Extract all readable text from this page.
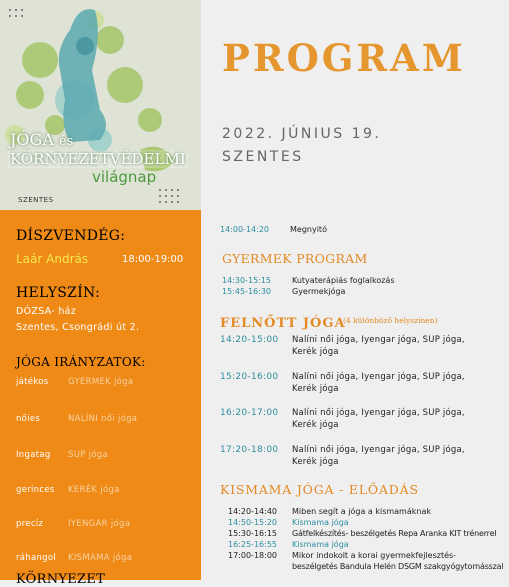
JÓGA és
KÖRNYEZETVÉDELMI
világnap
SZENTES
DÍSZVENDÉG:
Laár András	18:00-19:00
HELYSZÍN:
DÓZSA- ház
Szentes, Csongrádi út 2.
JÓGA IRÁNYZATOK:
játékos GYERMEK jóga
nőies	NALÍNI női jóga
Ingatag SUP jóga
gerinces KERÉK jóga
precíz	IYENGAR jóga
ráhangol KISMAMA jóga
KÖRNYEZET
PROGRAM
2022. JÚNIUS 19.
SZENTES
14:00-14:20	Megnyitó
GYERMEK PROGRAM
14:30-15:15	Kutyaterápiás foglalkozás
15:45-16:30	Gyermekjóga
FELNŐTT JÓGA
(4 különböző helyszínen)
14:20-15:00 Nalíni női jóga, Iyengar jóga, SUP jóga,
Kerék jóga
15:20-16:00 Nalíni női jóga, Iyengar jóga, SUP jóga,
Kerék jóga
16:20-17:00 Nalíni női jóga, Iyengar jóga, SUP jóga,
Kerék jóga
17:20-18:00 Nalíni női jóga, Iyengar jóga, SUP jóga,
Kerék jóga
KISMAMA JÓGA - ELŐADÁS
14:20-14:40 Miben segít a jóga a kismamáknak
14:50-15:20 Kismama jóga
15:30-16:15 Gátfelkészítés- beszélgetés Repa Aranka KIT trénerrel
16:25-16:55 Kismama jóga
17:00-18:00 Mikor indokolt a korai gyermekfejlesztés-
beszélgetés Bandula Helén DSGM szakgyógytornásszal
